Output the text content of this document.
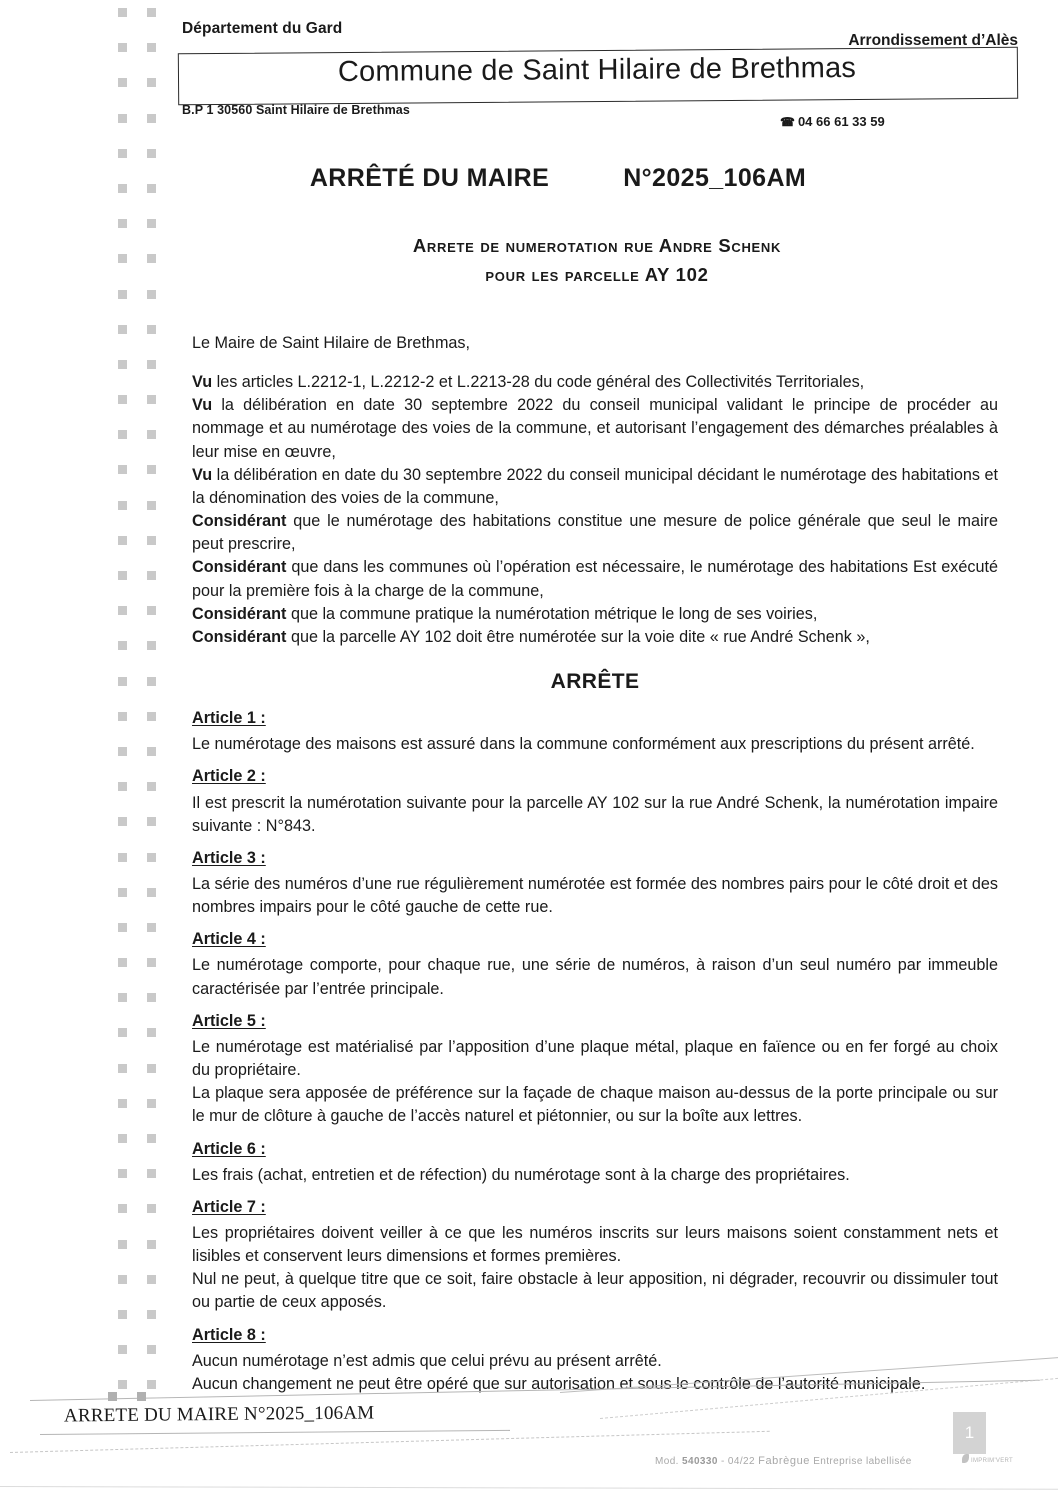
Département du Gard
Arrondissement d’Alès
Commune de Saint Hilaire de Brethmas
B.P 1 30560 Saint Hilaire de Brethmas
☎ 04 66 61 33 59
ARRÊTÉ DU MAIRE	N°2025_106AM
Arrete de numerotation rue Andre Schenk
pour les parcelle AY 102

Le Maire de Saint Hilaire de Brethmas,

Vu les articles L.2212-1, L.2212-2 et L.2213-28 du code général des Collectivités Territoriales,

Vu la délibération en date 30 septembre 2022 du conseil municipal validant le principe de procéder au nommage et au numérotage des voies de la commune, et autorisant l’engagement des démarches préalables à leur mise en œuvre,

Vu la délibération en date du 30 septembre 2022 du conseil municipal décidant le numérotage des habitations et la dénomination des voies de la commune,

Considérant que le numérotage des habitations constitue une mesure de police générale que seul le maire peut prescrire,

Considérant que dans les communes où l’opération est nécessaire, le numérotage des habitations Est exécuté pour la première fois à la charge de la commune,

Considérant que la commune pratique la numérotation métrique le long de ses voiries,

Considérant que la parcelle AY 102 doit être numérotée sur la voie dite « rue André Schenk »,

ARRÊTE
Article 1 :

Le numérotage des maisons est assuré dans la commune conformément aux prescriptions du présent arrêté.

Article 2 :

Il est prescrit la numérotation suivante pour la parcelle AY 102 sur la rue André Schenk, la numérotation impaire suivante : N°843.

Article 3 :

La série des numéros d’une rue régulièrement numérotée est formée des nombres pairs pour le côté droit et des nombres impairs pour le côté gauche de cette rue.

Article 4 :

Le numérotage comporte, pour chaque rue, une série de numéros, à raison d’un seul numéro par immeuble caractérisée par l’entrée principale.

Article 5 :

Le numérotage est matérialisé par l’apposition d’une plaque métal, plaque en faïence ou en fer forgé au choix du propriétaire.

La plaque sera apposée de préférence sur la façade de chaque maison au-dessus de la porte principale ou sur le mur de clôture à gauche de l’accès naturel et piétonnier, ou sur la boîte aux lettres.

Article 6 :

Les frais (achat, entretien et de réfection) du numérotage sont à la charge des propriétaires.

Article 7 :

Les propriétaires doivent veiller à ce que les numéros inscrits sur leurs maisons soient constamment nets et lisibles et conservent leurs dimensions et formes premières.

Nul ne peut, à quelque titre que ce soit, faire obstacle à leur apposition, ni dégrader, recouvrir ou dissimuler tout ou partie de ceux apposés.

Article 8 :

Aucun numérotage n’est admis que celui prévu au présent arrêté.

Aucun changement ne peut être opéré que sur autorisation et sous le contrôle de l’autorité municipale.

ARRETE DU MAIRE N°2025_106AM
1
Mod. 540330 - 04/22 Fabrègue Entreprise labellisée	IMPRIM'VERT
